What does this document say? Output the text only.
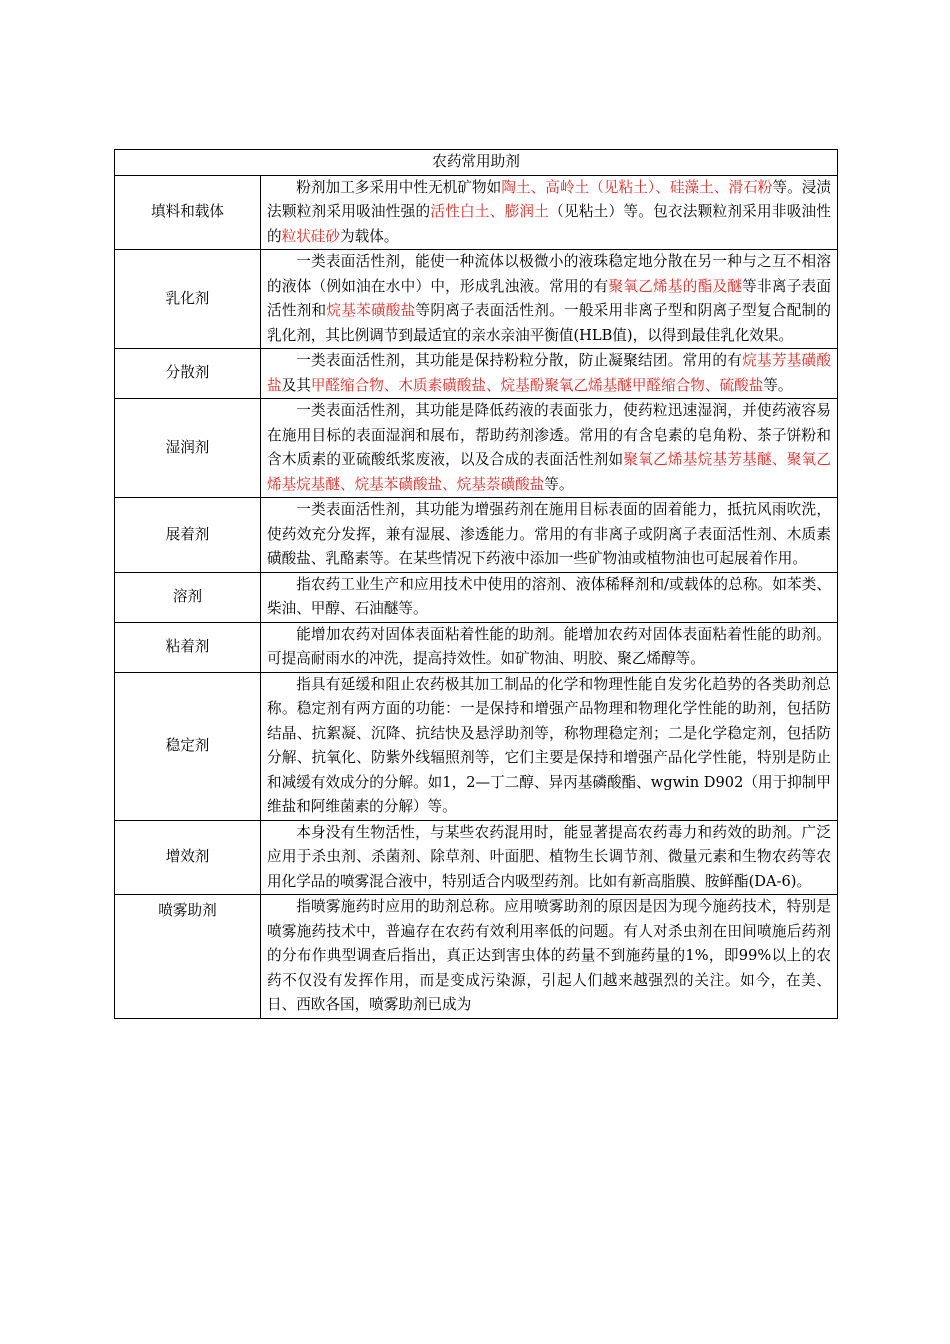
农药常用助剂	
填料和载体	粉剂加工多采用中性无机矿物如陶土、高岭土（见粘土）、硅藻土、滑石粉等。浸渍法颗粒剂采用吸油性强的活性白土、膨润土（见粘土）等。包衣法颗粒剂采用非吸油性的粒状硅砂为载体。

乳化剂	一类表面活性剂，能使一种流体以极微小的液珠稳定地分散在另一种与之互不相溶的液体（例如油在水中）中，形成乳浊液。常用的有聚氧乙烯基的酯及醚等非离子表面活性剂和烷基苯磺酸盐等阴离子表面活性剂。一般采用非离子型和阴离子型复合配制的乳化剂，其比例调节到最适宜的亲水亲油平衡值(HLB值)，以得到最佳乳化效果。

分散剂	一类表面活性剂，其功能是保持粉粒分散，防止凝聚结团。常用的有烷基芳基磺酸盐及其甲醛缩合物、木质素磺酸盐、烷基酚聚氧乙烯基醚甲醛缩合物、硫酸盐等。

湿润剂	一类表面活性剂，其功能是降低药液的表面张力，使药粒迅速湿润，并使药液容易在施用目标的表面湿润和展布，帮助药剂渗透。常用的有含皂素的皂角粉、茶子饼粉和含木质素的亚硫酸纸浆废液，以及合成的表面活性剂如聚氧乙烯基烷基芳基醚、聚氧乙烯基烷基醚、烷基苯磺酸盐、烷基萘磺酸盐等。

展着剂	一类表面活性剂，其功能为增强药剂在施用目标表面的固着能力，抵抗风雨吹洗，使药效充分发挥，兼有湿展、渗透能力。常用的有非离子或阴离子表面活性剂、木质素磺酸盐、乳酪素等。在某些情况下药液中添加一些矿物油或植物油也可起展着作用。

溶剂	指农药工业生产和应用技术中使用的溶剂、液体稀释剂和/或载体的总称。如苯类、柴油、甲醇、石油醚等。

粘着剂	能增加农药对固体表面粘着性能的助剂。能增加农药对固体表面粘着性能的助剂。可提高耐雨水的冲洗，提高持效性。如矿物油、明胶、聚乙烯醇等。

稳定剂	指具有延缓和阻止农药极其加工制品的化学和物理性能自发劣化趋势的各类助剂总称。稳定剂有两方面的功能：一是保持和增强产品物理和物理化学性能的助剂，包括防结晶、抗絮凝、沉降、抗结快及悬浮助剂等，称物理稳定剂；二是化学稳定剂，包括防分解、抗氧化、防紫外线辐照剂等，它们主要是保持和增强产品化学性能，特别是防止和减缓有效成分的分解。如1，2—丁二醇、异丙基磷酸酯、wgwin D902（用于抑制甲维盐和阿维菌素的分解）等。

增效剂	本身没有生物活性，与某些农药混用时，能显著提高农药毒力和药效的助剂。广泛应用于杀虫剂、杀菌剂、除草剂、叶面肥、植物生长调节剂、微量元素和生物农药等农用化学品的喷雾混合液中，特别适合内吸型药剂。比如有新高脂膜、胺鲜酯(DA-6)。

喷雾助剂	指喷雾施药时应用的助剂总称。应用喷雾助剂的原因是因为现今施药技术，特别是喷雾施药技术中，普遍存在农药有效利用率低的问题。有人对杀虫剂在田间喷施后药剂的分布作典型调查后指出，真正达到害虫体的药量不到施药量的1%，即99%以上的农药不仅没有发挥作用，而是变成污染源，引起人们越来越强烈的关注。如今，在美、日、西欧各国，喷雾助剂已成为
